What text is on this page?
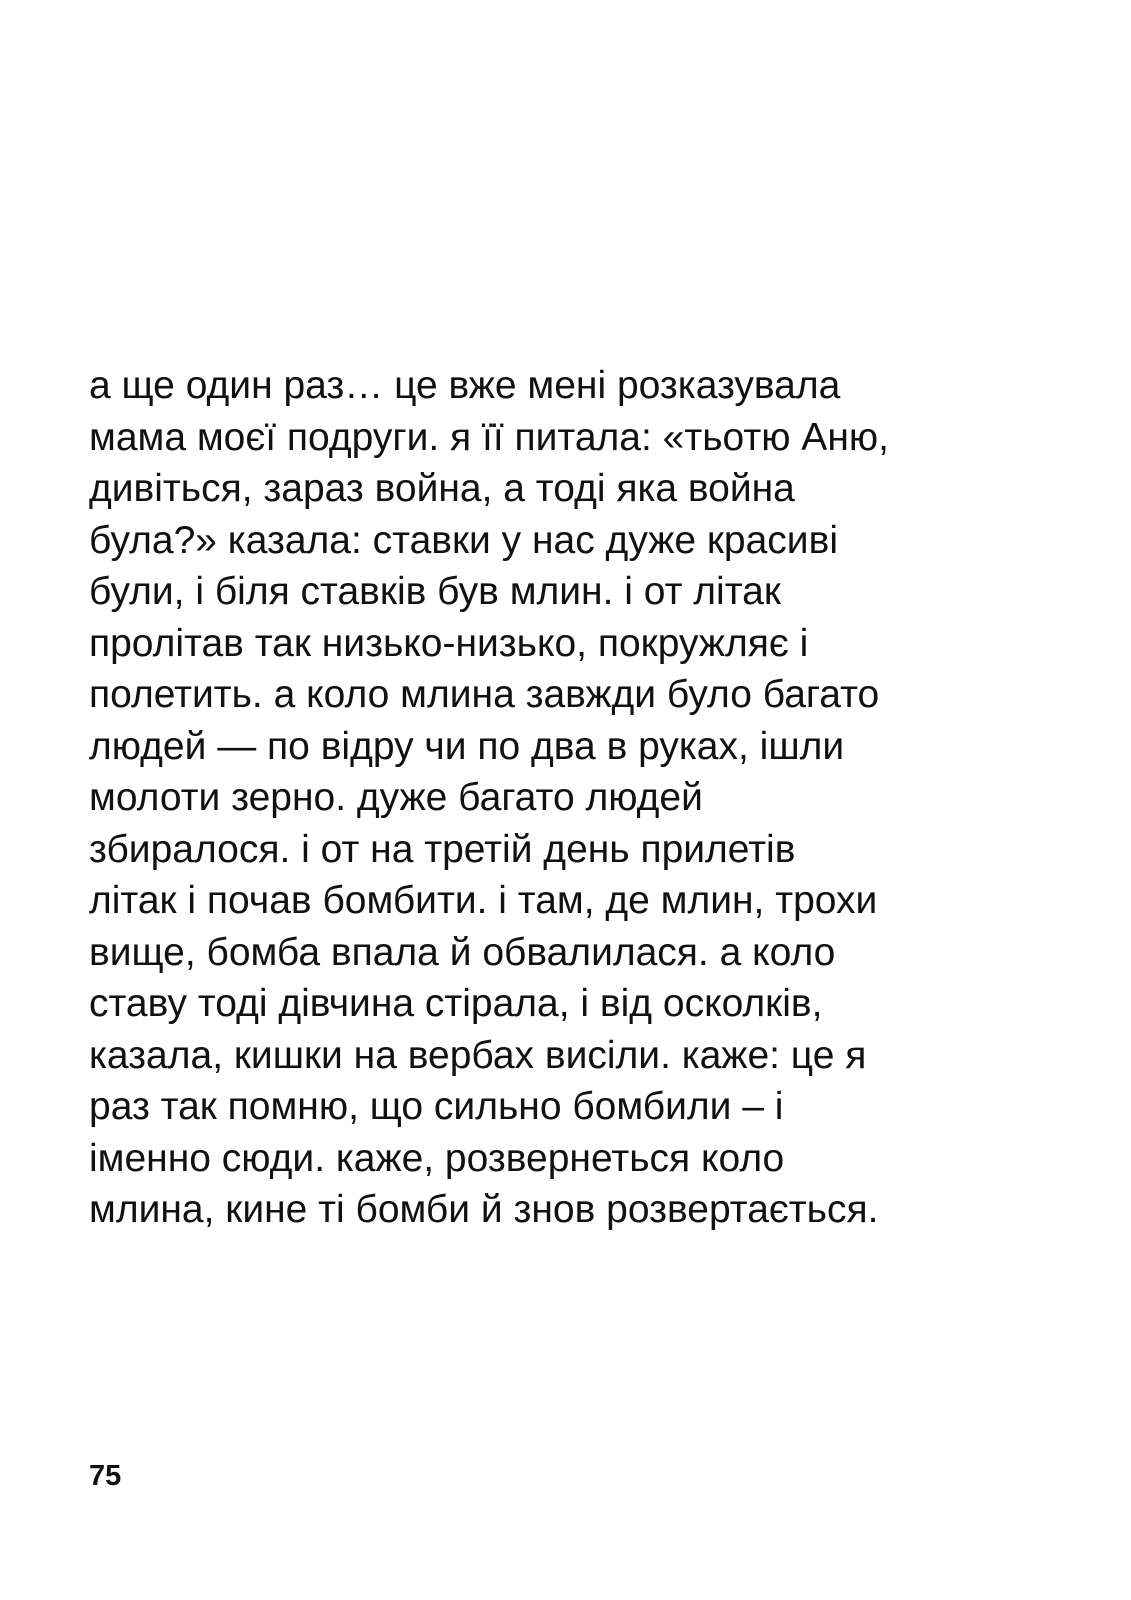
а ще один раз… це вже мені розказувала
мама моєї подруги. я її питала: «тьотю Аню,
дивіться, зараз война, а тоді яка война
була?» казала: ставки у нас дуже красиві
були, і біля ставків був млин. і от літак
пролітав так низько-низько, покружляє і
полетить. а коло млина завжди було багато
людей — по відру чи по два в руках, ішли
молоти зерно. дуже багато людей
збиралося. і от на третій день прилетів
літак і почав бомбити. і там, де млин, трохи
вище, бомба впала й обвалилася. а коло
ставу тоді дівчина стірала, і від осколків,
казала, кишки на вербах висіли. каже: це я
раз так помню, що сильно бомбили – і
іменно сюди. каже, розвернеться коло
млина, кине ті бомби й знов розвертається.

75
